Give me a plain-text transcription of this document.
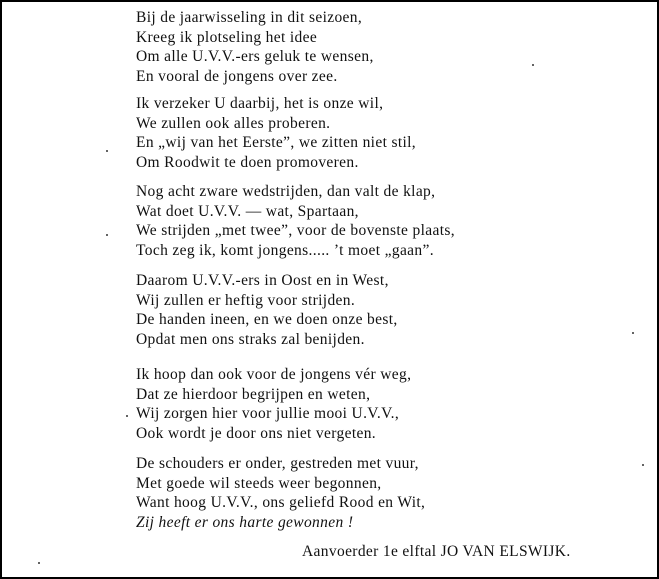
Bij de jaarwisseling in dit seizoen,
Kreeg ik plotseling het idee
Om alle U.V.V.-ers geluk te wensen,
En vooral de jongens over zee.
Ik verzeker U daarbij, het is onze wil,
We zullen ook alles proberen.
En „wij van het Eerste”, we zitten niet stil,
Om Roodwit te doen promoveren.
Nog acht zware wedstrijden, dan valt de klap,
Wat doet U.V.V. — wat, Spartaan,
We strijden „met twee”, voor de bovenste plaats,
Toch zeg ik, komt jongens..... ’t moet „gaan”.
Daarom U.V.V.-ers in Oost en in West,
Wij zullen er heftig voor strijden.
De handen ineen, en we doen onze best,
Opdat men ons straks zal benijden.
Ik hoop dan ook voor de jongens vér weg,
Dat ze hierdoor begrijpen en weten,
Wij zorgen hier voor jullie mooi U.V.V.,
Ook wordt je door ons niet vergeten.
De schouders er onder, gestreden met vuur,
Met goede wil steeds weer begonnen,
Want hoog U.V.V., ons geliefd Rood en Wit,
Zij heeft er ons harte gewonnen !
Aanvoerder 1e elftal JO VAN ELSWIJK.
